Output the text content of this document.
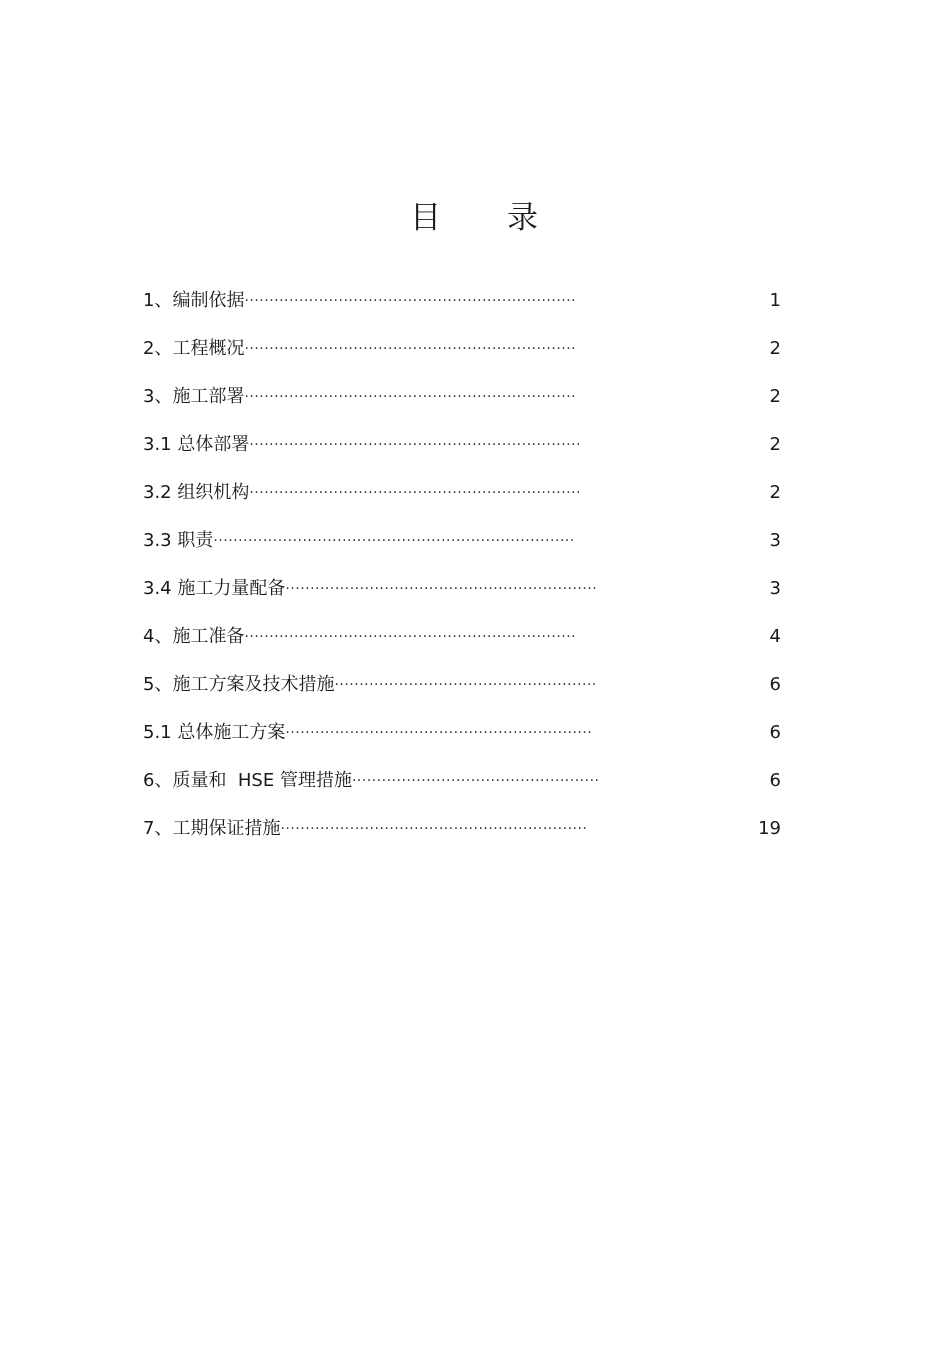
目 录
1、编制依据 ···································································	1
2、工程概况 ···································································	2
3、施工部署 ···································································	2
3.1 总体部署 ···································································	2
3.2 组织机构 ···································································	2
3.3 职责 ·········································································	3
3.4 施工力量配备 ·······························································	3
4、施工准备 ···································································	4
5、施工方案及技术措施 ·····················································	6
5.1 总体施工方案 ······························································	6
6、质量和  HSE 管理措施 ··················································	6
7、工期保证措施 ······························································	19
